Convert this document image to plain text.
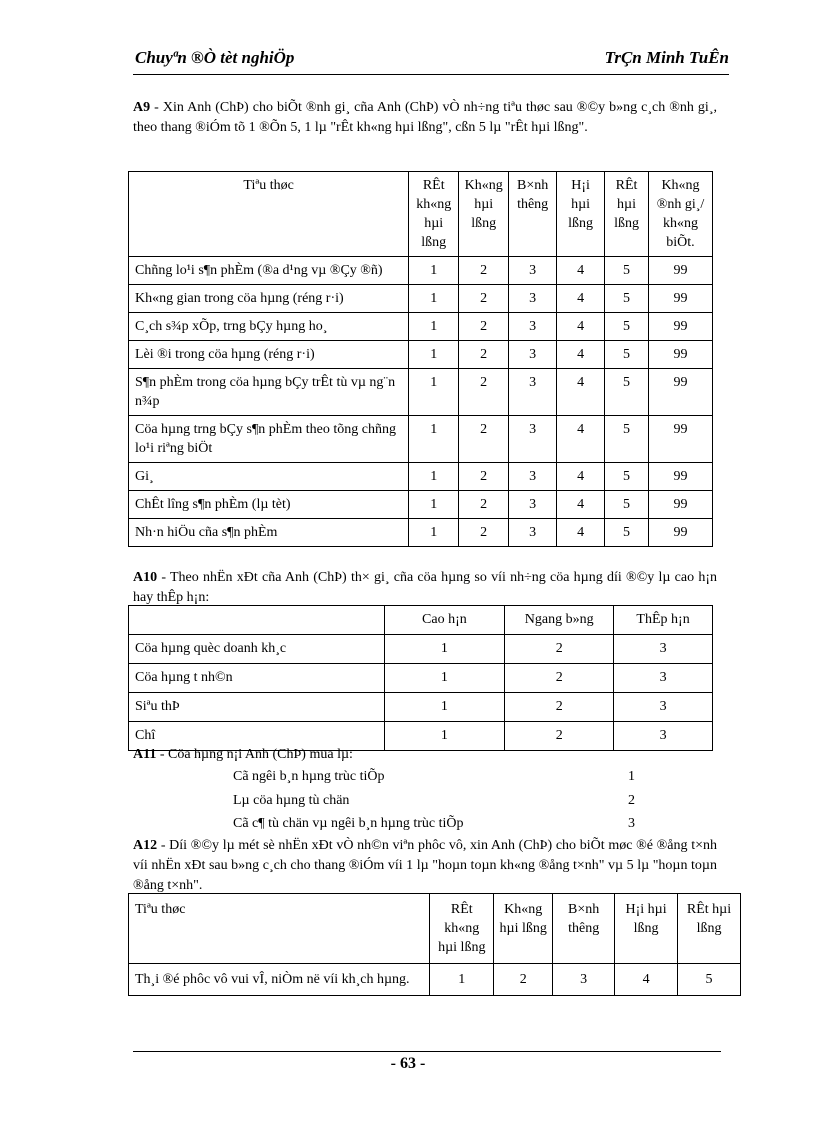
Chuyªn ®Ò tèt nghiÖp	TrÇn Minh TuÊn
A9 - Xin Anh (ChÞ) cho biÕt ®nh gi¸ cña Anh (ChÞ) vÒ nh÷ng tiªu thøc sau ®©y b»ng c¸ch ®nh gi¸, theo thang ®iÓm tõ 1 ®Õn 5, 1 lµ "rÊt kh«ng hµi lßng", cßn 5 lµ "rÊt hµi lßng".
Tiªu thøc	RÊt kh«ng hµi lßng	Kh«ng hµi lßng	B×nh thêng	H¡i hµi lßng	RÊt hµi lßng	Kh«ng ®nh gi¸/ kh«ng biÕt.
Chñng lo¹i s¶n phÈm (®a d¹ng vµ ®Çy ®ñ)	1	2	3	4	5	99
Kh«ng gian trong cöa hµng (réng r·i)	1	2	3	4	5	99
C¸ch s¾p xÕp, trng bÇy hµng ho¸	1	2	3	4	5	99
Lèi ®i trong cöa hµng (réng r·i)	1	2	3	4	5	99
S¶n phÈm trong cöa hµng bÇy trÊt tù vµ ng¨n n¾p	1	2	3	4	5	99
Cöa hµng trng bÇy s¶n phÈm theo tõng chñng lo¹i riªng biÖt	1	2	3	4	5	99
Gi¸	1	2	3	4	5	99
ChÊt lîng s¶n phÈm (lµ tèt)	1	2	3	4	5	99
Nh·n hiÖu cña s¶n phÈm	1	2	3	4	5	99
A10 - Theo nhËn xÐt cña Anh (ChÞ) th× gi¸ cña cöa hµng so víi nh÷ng cöa hµng díi ®©y lµ cao h¡n hay thÊp h¡n:
	Cao h¡n	Ngang b»ng	ThÊp h¡n
Cöa hµng quèc doanh kh¸c	1	2	3
Cöa hµng t nh©n	1	2	3
Siªu thÞ	1	2	3
Chî	1	2	3
A11 - Cöa hµng n¡i Anh (ChÞ) mua lµ:
Cã ngêi b¸n hµng trùc tiÕp	1
Lµ cöa hµng tù chän	2
Cã c¶ tù chän vµ ngêi b¸n hµng trùc tiÕp	3
A12 - Díi ®©y lµ mét sè nhËn xÐt vÒ nh©n viªn phôc vô, xin Anh (ChÞ) cho biÕt møc ®é ®ång t×nh víi nhËn xÐt sau b»ng c¸ch cho thang ®iÓm víi 1 lµ "hoµn toµn kh«ng ®ång t×nh" vµ 5 lµ "hoµn toµn ®ång t×nh".
Tiªu thøc	RÊt kh«ng hµi lßng	Kh«ng hµi lßng	B×nh thêng	H¡i hµi lßng	RÊt hµi lßng
Th¸i ®é phôc vô vui vÎ, niÒm në víi kh¸ch hµng.	1	2	3	4	5
- 63 -
